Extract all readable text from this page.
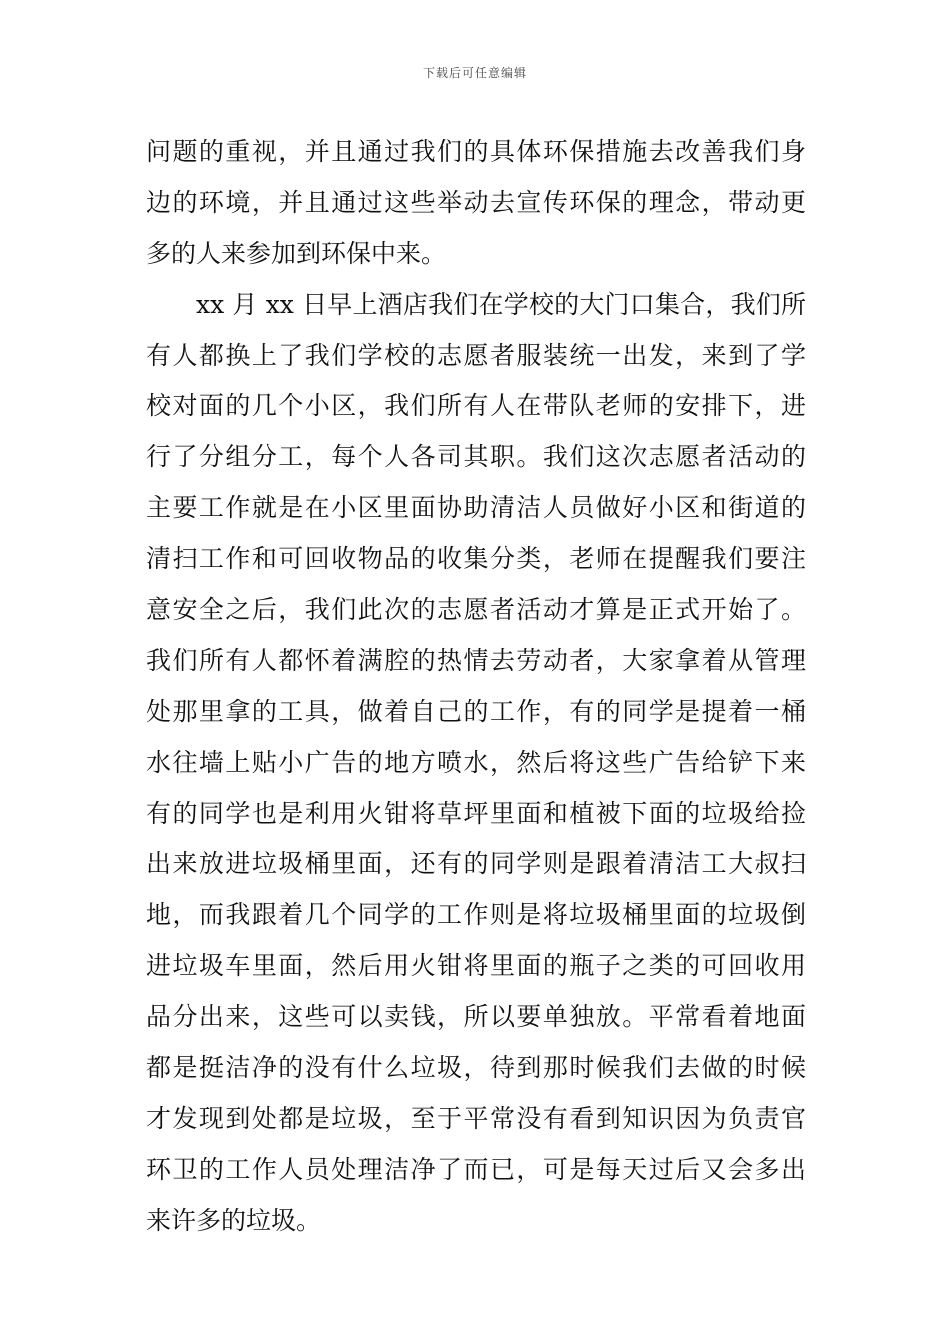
下载后可任意编辑
问题的重视，并且通过我们的具体环保措施去改善我们身
边的环境，并且通过这些举动去宣传环保的理念，带动更
多的人来参加到环保中来。
xx 月 xx 日早上酒店我们在学校的大门口集合，我们所
有人都换上了我们学校的志愿者服装统一出发，来到了学
校对面的几个小区，我们所有人在带队老师的安排下，进
行了分组分工，每个人各司其职。我们这次志愿者活动的
主要工作就是在小区里面协助清洁人员做好小区和街道的
清扫工作和可回收物品的收集分类，老师在提醒我们要注
意安全之后，我们此次的志愿者活动才算是正式开始了。
我们所有人都怀着满腔的热情去劳动者，大家拿着从管理
处那里拿的工具，做着自己的工作，有的同学是提着一桶
水往墙上贴小广告的地方喷水，然后将这些广告给铲下来
有的同学也是利用火钳将草坪里面和植被下面的垃圾给捡
出来放进垃圾桶里面，还有的同学则是跟着清洁工大叔扫
地，而我跟着几个同学的工作则是将垃圾桶里面的垃圾倒
进垃圾车里面，然后用火钳将里面的瓶子之类的可回收用
品分出来，这些可以卖钱，所以要单独放。平常看着地面
都是挺洁净的没有什么垃圾，待到那时候我们去做的时候
才发现到处都是垃圾，至于平常没有看到知识因为负责官
环卫的工作人员处理洁净了而已，可是每天过后又会多出
来许多的垃圾。
